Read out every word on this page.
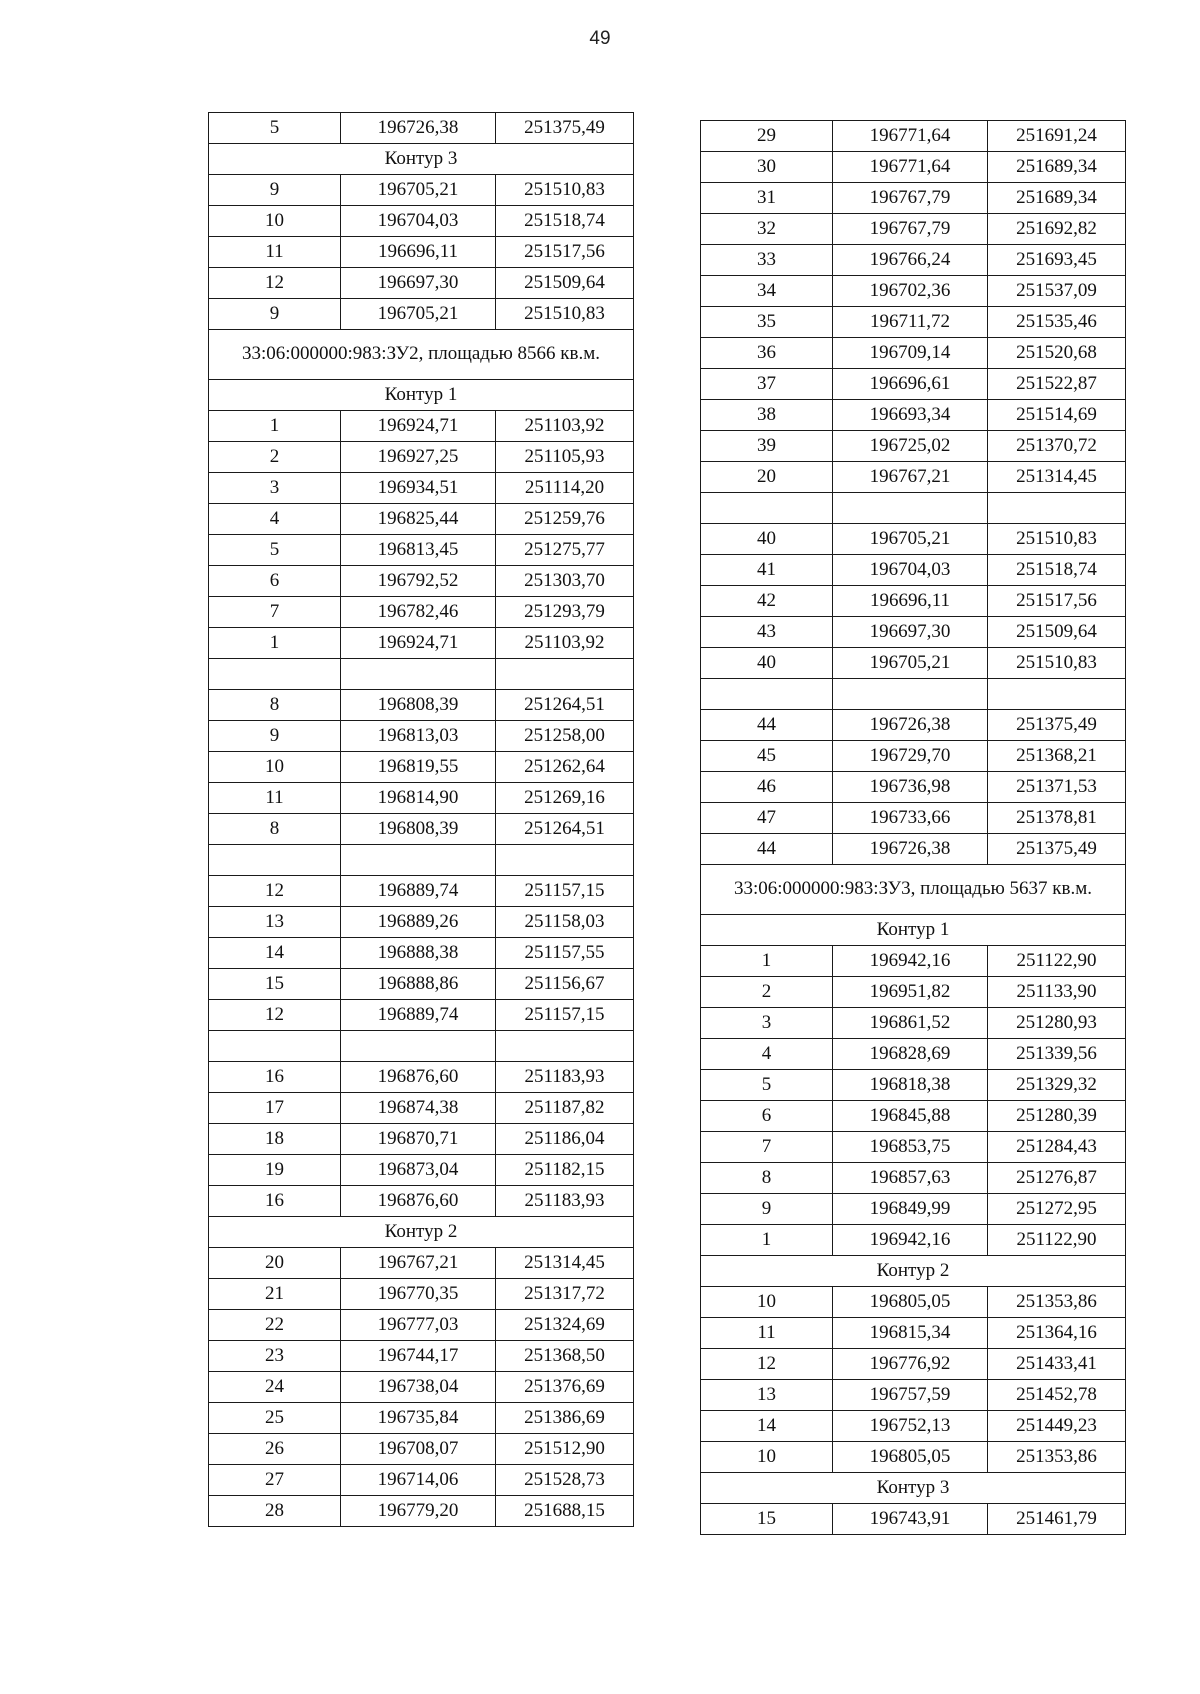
49
5	196726,38	251375,49
Контур 3		
9	196705,21	251510,83
10	196704,03	251518,74
11	196696,11	251517,56
12	196697,30	251509,64
9	196705,21	251510,83
33:06:000000:983:ЗУ2, площадью 8566 кв.м.		
Контур 1		
1	196924,71	251103,92
2	196927,25	251105,93
3	196934,51	251114,20
4	196825,44	251259,76
5	196813,45	251275,77
6	196792,52	251303,70
7	196782,46	251293,79
1	196924,71	251103,92

8	196808,39	251264,51
9	196813,03	251258,00
10	196819,55	251262,64
11	196814,90	251269,16
8	196808,39	251264,51

12	196889,74	251157,15
13	196889,26	251158,03
14	196888,38	251157,55
15	196888,86	251156,67
12	196889,74	251157,15

16	196876,60	251183,93
17	196874,38	251187,82
18	196870,71	251186,04
19	196873,04	251182,15
16	196876,60	251183,93
Контур 2		
20	196767,21	251314,45
21	196770,35	251317,72
22	196777,03	251324,69
23	196744,17	251368,50
24	196738,04	251376,69
25	196735,84	251386,69
26	196708,07	251512,90
27	196714,06	251528,73
28	196779,20	251688,15
29	196771,64	251691,24
30	196771,64	251689,34
31	196767,79	251689,34
32	196767,79	251692,82
33	196766,24	251693,45
34	196702,36	251537,09
35	196711,72	251535,46
36	196709,14	251520,68
37	196696,61	251522,87
38	196693,34	251514,69
39	196725,02	251370,72
20	196767,21	251314,45

40	196705,21	251510,83
41	196704,03	251518,74
42	196696,11	251517,56
43	196697,30	251509,64
40	196705,21	251510,83

44	196726,38	251375,49
45	196729,70	251368,21
46	196736,98	251371,53
47	196733,66	251378,81
44	196726,38	251375,49
33:06:000000:983:ЗУ3, площадью 5637 кв.м.		
Контур 1		
1	196942,16	251122,90
2	196951,82	251133,90
3	196861,52	251280,93
4	196828,69	251339,56
5	196818,38	251329,32
6	196845,88	251280,39
7	196853,75	251284,43
8	196857,63	251276,87
9	196849,99	251272,95
1	196942,16	251122,90
Контур 2		
10	196805,05	251353,86
11	196815,34	251364,16
12	196776,92	251433,41
13	196757,59	251452,78
14	196752,13	251449,23
10	196805,05	251353,86
Контур 3		
15	196743,91	251461,79
